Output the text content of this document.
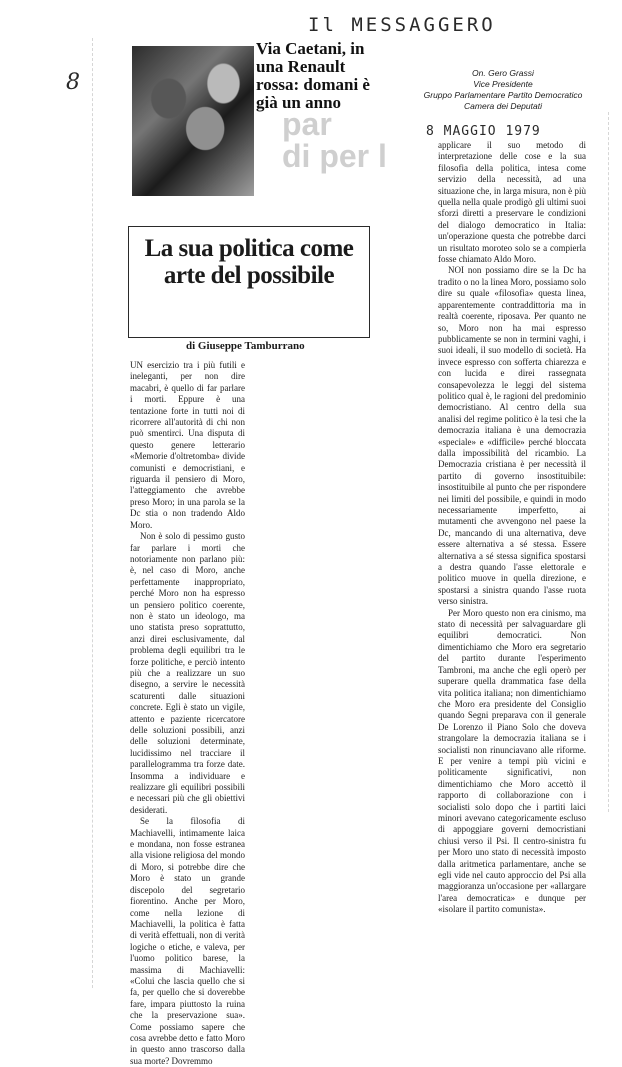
Il MESSAGGERO
8 MAGGIO 1979
8
par
di per l
Via Caetani, in una Renault rossa: domani è già un anno
On. Gero Grassi
Vice Presidente
Gruppo Parlamentare Partito Democratico
Camera dei Deputati
La sua politica come arte del possibile
di Giuseppe Tamburrano

UN esercizio tra i più futili e ineleganti, per non dire macabri, è quello di far parlare i morti. Eppure è una tentazione forte in tutti noi di ricorrere all'autorità di chi non può smentirci. Una disputa di questo genere letterario «Memorie d'oltretomba» divide comunisti e democristiani, e riguarda il pensiero di Moro, l'atteggiamento che avrebbe preso Moro; in una parola se la Dc stia o non tradendo Aldo Moro.

Non è solo di pessimo gusto far parlare i morti che notoriamente non parlano più: è, nel caso di Moro, anche perfettamente inappropriato, perché Moro non ha espresso un pensiero politico coerente, non è stato un ideologo, ma uno statista preso soprattutto, anzi direi esclusivamente, dal problema degli equilibri tra le forze politiche, e perciò intento più che a realizzare un suo disegno, a servire le necessità scaturenti dalle situazioni concrete. Egli è stato un vigile, attento e paziente ricercatore delle soluzioni possibili, anzi delle soluzioni determinate, lucidissimo nel tracciare il parallelogramma tra forze date. Insomma a individuare e realizzare gli equilibri possibili e necessari più che gli obiettivi desiderati.

Se la filosofia di Machiavelli, intimamente laica e mondana, non fosse estranea alla visione religiosa del mondo di Moro, si potrebbe dire che Moro è stato un grande discepolo del segretario fiorentino. Anche per Moro, come nella lezione di Machiavelli, la politica è fatta di verità effettuali, non di verità logiche o etiche, e valeva, per l'uomo politico barese, la massima di Machiavelli: «Colui che lascia quello che si fa, per quello che si doverebbe fare, impara piuttosto la ruina che la preservazione sua». Come possiamo sapere che cosa avrebbe detto e fatto Moro in questo anno trascorso dalla sua morte? Dovremmo

applicare il suo metodo di interpretazione delle cose e la sua filosofia della politica, intesa come servizio della necessità, ad una situazione che, in larga misura, non è più quella nella quale prodigò gli ultimi suoi sforzi diretti a preservare le condizioni del dialogo democratico in Italia: un'operazione questa che potrebbe darci un risultato moroteo solo se a compierla fosse chiamato Aldo Moro.

NOI non possiamo dire se la Dc ha tradito o no la linea Moro, possiamo solo dire su quale «filosofia» questa linea, apparentemente contraddittoria ma in realtà coerente, riposava. Per quanto ne so, Moro non ha mai espresso pubblicamente se non in termini vaghi, i suoi ideali, il suo modello di società. Ha invece espresso con sofferta chiarezza e con lucida e direi rassegnata consapevolezza le leggi del sistema politico qual è, le ragioni del predominio democristiano. Al centro della sua analisi del regime politico è la tesi che la democrazia italiana è una democrazia «speciale» e «difficile» perché bloccata dalla impossibilità del ricambio. La Democrazia cristiana è per necessità il partito di governo insostituibile: insostituibile al punto che per rispondere nei limiti del possibile, e quindi in modo necessariamente imperfetto, ai mutamenti che avvengono nel paese la Dc, mancando di una alternativa, deve essere alternativa a sé stessa. Essere alternativa a sé stessa significa spostarsi a destra quando l'asse elettorale e politico muove in quella direzione, e spostarsi a sinistra quando l'asse ruota verso sinistra.

Per Moro questo non era cinismo, ma stato di necessità per salvaguardare gli equilibri democratici. Non dimentichiamo che Moro era segretario del partito durante l'esperimento Tambroni, ma anche che egli operò per superare quella drammatica fase della vita politica italiana; non dimentichiamo che Moro era presidente del Consiglio quando Segni preparava con il generale De Lorenzo il Piano Solo che doveva strangolare la democrazia italiana se i socialisti non rinunciavano alle riforme. E per venire a tempi più vicini e politicamente significativi, non dimentichiamo che Moro accettò il rapporto di collaborazione con i socialisti solo dopo che i partiti laici minori avevano categoricamente escluso di appoggiare governi democristiani chiusi verso il Psi. Il centro-sinistra fu per Moro uno stato di necessità imposto dalla aritmetica parlamentare, anche se egli vide nel cauto approccio del Psi alla maggioranza un'occasione per «allargare l'area democratica» e dunque per «isolare il partito comunista».
